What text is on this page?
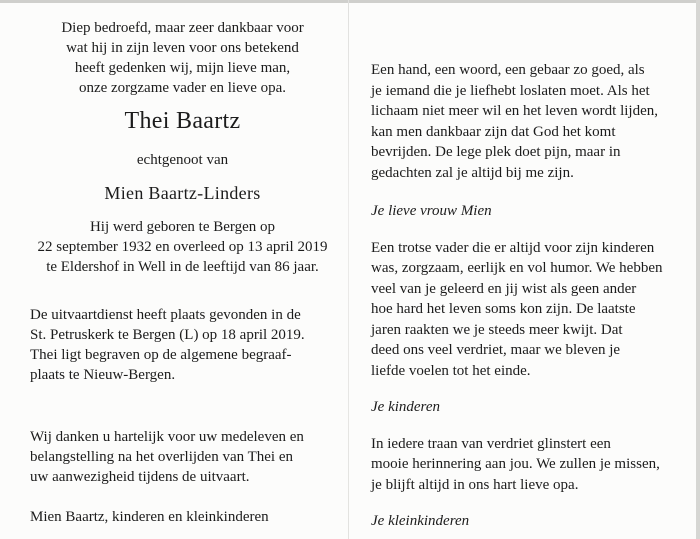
Diep bedroefd, maar zeer dankbaar voor
wat hij in zijn leven voor ons betekend
heeft gedenken wij, mijn lieve man,
onze zorgzame vader en lieve opa.
Thei Baartz
echtgenoot van
Mien Baartz-Linders
Hij werd geboren te Bergen op
22 september 1932 en overleed op 13 april 2019
te Eldershof in Well in de leeftijd van 86 jaar.
De uitvaartdienst heeft plaats gevonden in de
St. Petruskerk te Bergen (L) op 18 april 2019.
Thei ligt begraven op de algemene begraaf-
plaats te Nieuw-Bergen.
Wij danken u hartelijk voor uw medeleven en
belangstelling na het overlijden van Thei en
uw aanwezigheid tijdens de uitvaart.
Mien Baartz, kinderen en kleinkinderen

Een hand, een woord, een gebaar zo goed, als
je iemand die je liefhebt loslaten moet. Als het
lichaam niet meer wil en het leven wordt lijden,
kan men dankbaar zijn dat God het komt
bevrijden. De lege plek doet pijn, maar in
gedachten zal je altijd bij me zijn.

Je lieve vrouw Mien

Een trotse vader die er altijd voor zijn kinderen
was, zorgzaam, eerlijk en vol humor. We hebben
veel van je geleerd en jij wist als geen ander
hoe hard het leven soms kon zijn. De laatste
jaren raakten we je steeds meer kwijt. Dat
deed ons veel verdriet, maar we bleven je
liefde voelen tot het einde.

Je kinderen

In iedere traan van verdriet glinstert een
mooie herinnering aan jou. We zullen je missen,
je blijft altijd in ons hart lieve opa.

Je kleinkinderen
